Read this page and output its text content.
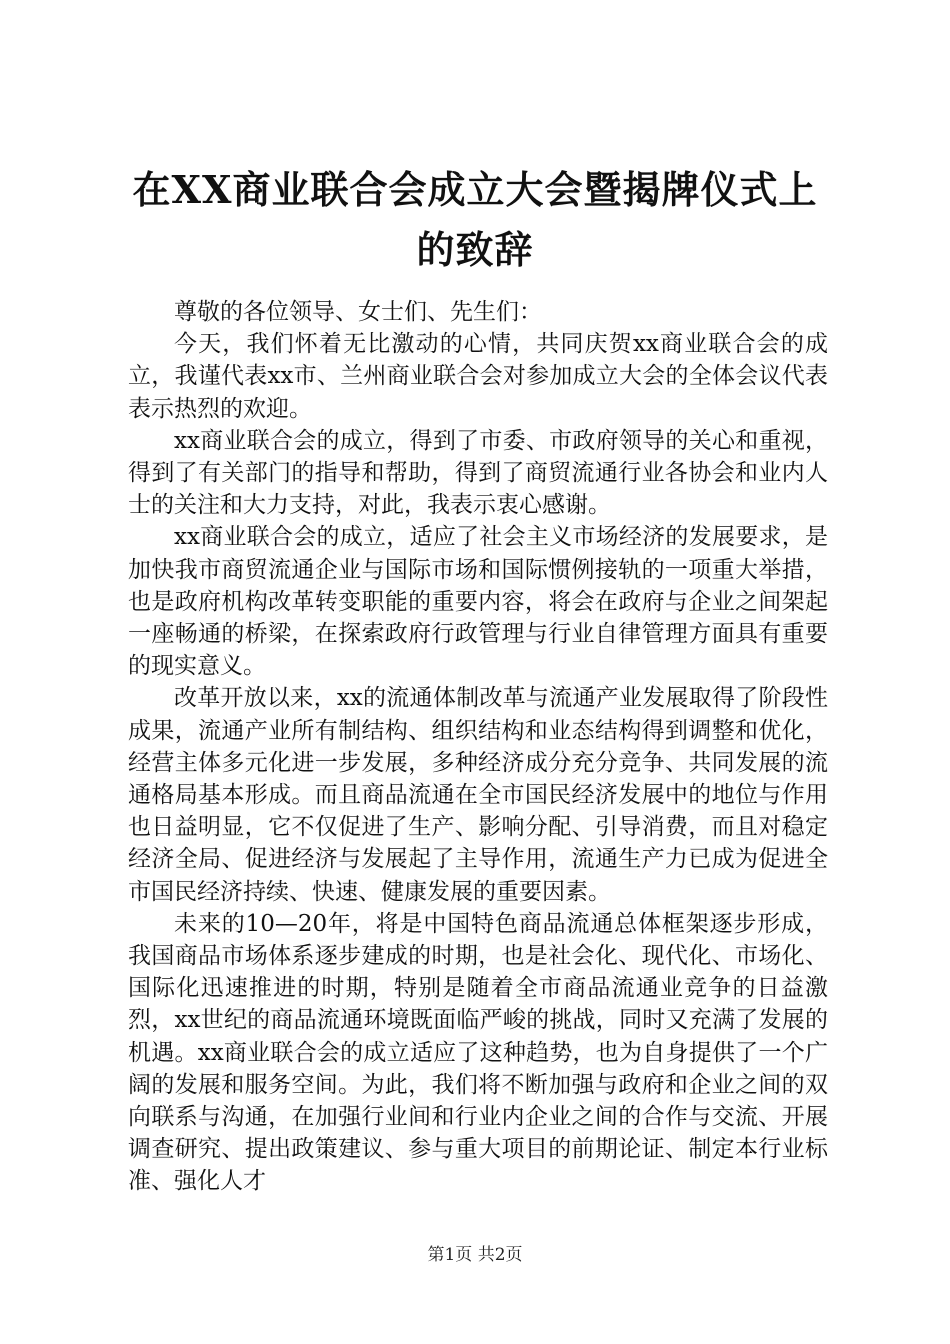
在XX商业联合会成立大会暨揭牌仪式上的致辞

尊敬的各位领导、女士们、先生们：

今天，我们怀着无比激动的心情，共同庆贺xx商业联合会的成立，我谨代表xx市、兰州商业联合会对参加成立大会的全体会议代表表示热烈的欢迎。

xx商业联合会的成立，得到了市委、市政府领导的关心和重视，得到了有关部门的指导和帮助，得到了商贸流通行业各协会和业内人士的关注和大力支持，对此，我表示衷心感谢。

xx商业联合会的成立，适应了社会主义市场经济的发展要求，是加快我市商贸流通企业与国际市场和国际惯例接轨的一项重大举措，也是政府机构改革转变职能的重要内容，将会在政府与企业之间架起一座畅通的桥梁，在探索政府行政管理与行业自律管理方面具有重要的现实意义。

改革开放以来，xx的流通体制改革与流通产业发展取得了阶段性成果，流通产业所有制结构、组织结构和业态结构得到调整和优化，经营主体多元化进一步发展，多种经济成分充分竞争、共同发展的流通格局基本形成。而且商品流通在全市国民经济发展中的地位与作用也日益明显，它不仅促进了生产、影响分配、引导消费，而且对稳定经济全局、促进经济与发展起了主导作用，流通生产力已成为促进全市国民经济持续、快速、健康发展的重要因素。

未来的10—20年，将是中国特色商品流通总体框架逐步形成，我国商品市场体系逐步建成的时期，也是社会化、现代化、市场化、国际化迅速推进的时期，特别是随着全市商品流通业竞争的日益激烈，xx世纪的商品流通环境既面临严峻的挑战，同时又充满了发展的机遇。xx商业联合会的成立适应了这种趋势，也为自身提供了一个广阔的发展和服务空间。为此，我们将不断加强与政府和企业之间的双向联系与沟通，在加强行业间和行业内企业之间的合作与交流、开展调查研究、提出政策建议、参与重大项目的前期论证、制定本行业标准、强化人才

第1页 共2页
